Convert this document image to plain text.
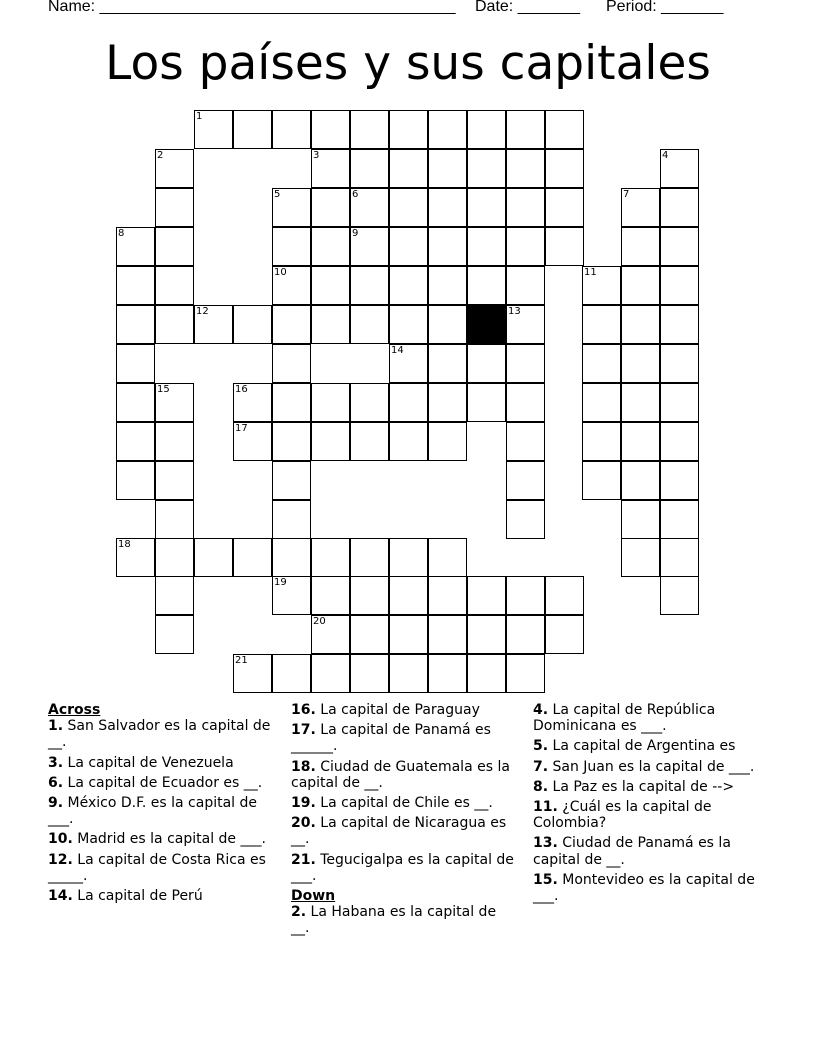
Name: ________________________________________ Date: _______ Period: _______
Los países y sus capitales
1
2	3	4
5	6	7
8	9
10	11
12	13
14
15	16
17
18
19
20
21
Across
1. San Salvador es la capital de __.
3. La capital de Venezuela
6. La capital de Ecuador es __.
9. México D.F. es la capital de ___.
10. Madrid es la capital de ___.
12. La capital de Costa Rica es _____.
14. La capital de Perú
16. La capital de Paraguay
17. La capital de Panamá es ______.
18. Ciudad de Guatemala es la capital de __.
19. La capital de Chile es __.
20. La capital de Nicaragua es __.
21. Tegucigalpa es la capital de ___.
Down
2. La Habana es la capital de __.
4. La capital de República Dominicana es ___.
5. La capital de Argentina es
7. San Juan es la capital de ___.
8. La Paz es la capital de -->
11. ¿Cuál es la capital de Colombia?
13. Ciudad de Panamá es la capital de __.
15. Montevideo es la capital de ___.
